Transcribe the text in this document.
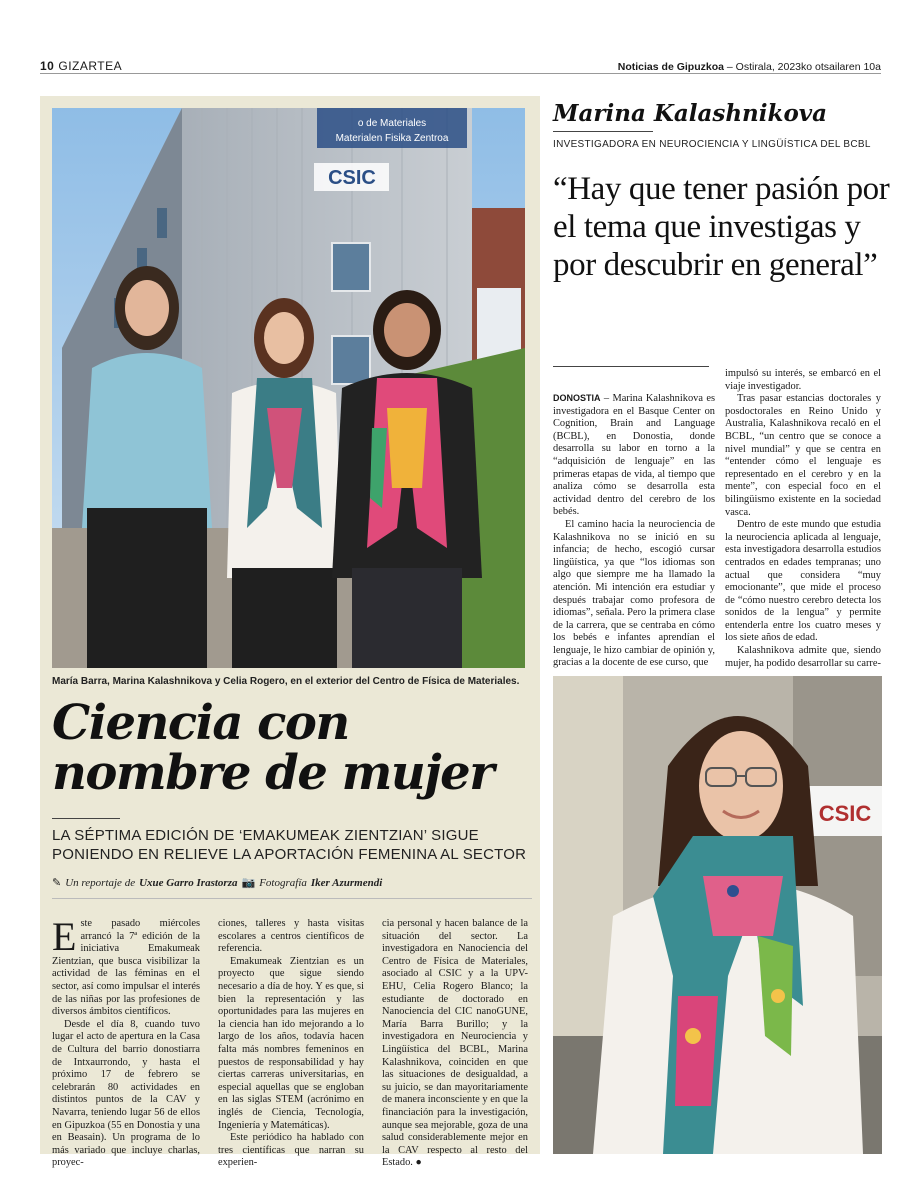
10 GIZARTEA	Noticias de Gipuzkoa – Ostirala, 2023ko otsailaren 10a
o de Materiales
Materialen Fisika Zentroa
CSIC
María Barra, Marina Kalashnikova y Celia Rogero, en el exterior del Centro de Física de Materiales.
Ciencia con nombre de mujer
LA SÉPTIMA EDICIÓN DE ‘EMAKUMEAK ZIENTZIAN’ SIGUE PONIENDO EN RELIEVE LA APORTACIÓN FEMENINA AL SECTOR
✎ Un reportaje de Uxue Garro Irastorza 📷 Fotografía Iker Azurmendi

Este pasado miércoles arrancó la 7ª edición de la iniciativa Emakumeak Zientzian, que busca visibilizar la actividad de las féminas en el sector, así como impulsar el interés de las niñas por las profesiones de diversos ámbitos científicos.

Desde el día 8, cuando tuvo lugar el acto de apertura en la Casa de Cultura del barrio donostiarra de Intxaurrondo, y hasta el próximo 17 de febrero se celebrarán 80 actividades en distintos puntos de la CAV y Navarra, teniendo lugar 56 de ellos en Gipuzkoa (55 en Donostia y una en Beasain). Un programa de lo más variado que incluye charlas, proyec-

ciones, talleres y hasta visitas escolares a centros científicos de referencia.

Emakumeak Zientzian es un proyecto que sigue siendo necesario a día de hoy. Y es que, si bien la representación y las oportunidades para las mujeres en la ciencia han ido mejorando a lo largo de los años, todavía hacen falta más nombres femeninos en puestos de responsabilidad y hay ciertas carreras universitarias, en especial aquellas que se engloban en las siglas STEM (acrónimo en inglés de Ciencia, Tecnología, Ingeniería y Matemáticas).

Este periódico ha hablado con tres científicas que narran su experien-

cia personal y hacen balance de la situación del sector. La investigadora en Nanociencia del Centro de Física de Materiales, asociado al CSIC y a la UPV-EHU, Celia Rogero Blanco; la estudiante de doctorado en Nanociencia del CIC nanoGUNE, María Barra Burillo; y la investigadora en Neurociencia y Lingüística del BCBL, Marina Kalashnikova, coinciden en que las situaciones de desigualdad, a su juicio, se dan mayoritariamente de manera inconsciente y en que la financiación para la investigación, aunque sea mejorable, goza de una salud considerablemente mejor en la CAV respecto al resto del Estado. ●

Marina Kalashnikova
INVESTIGADORA EN NEUROCIENCIA Y LINGÜÍSTICA DEL BCBL
“Hay que tener pasión por el tema que investigas y por descubrir en general”

DONOSTIA – Marina Kalashnikova es investigadora en el Basque Center on Cognition, Brain and Language (BCBL), en Donostia, donde desarrolla su labor en torno a la “adquisición de lenguaje” en las primeras etapas de vida, al tiempo que analiza cómo se desarrolla esta actividad dentro del cerebro de los bebés.

El camino hacia la neurociencia de Kalashnikova no se inició en su infancia; de hecho, escogió cursar lingüística, ya que “los idiomas son algo que siempre me ha llamado la atención. Mi intención era estudiar y después trabajar como profesora de idiomas”, señala. Pero la primera clase de la carrera, que se centraba en cómo los bebés e infantes aprendían el lenguaje, le hizo cambiar de opinión y, gracias a la docente de ese curso, que

impulsó su interés, se embarcó en el viaje investigador.

Tras pasar estancias doctorales y posdoctorales en Reino Unido y Australia, Kalashnikova recaló en el BCBL, “un centro que se conoce a nivel mundial” y que se centra en “entender cómo el lenguaje es representado en el cerebro y en la mente”, con especial foco en el bilingüismo existente en la sociedad vasca.

Dentro de este mundo que estudia la neurociencia aplicada al lenguaje, esta investigadora desarrolla estudios centrados en edades tempranas; uno actual que considera “muy emocionante”, que mide el proceso de “cómo nuestro cerebro detecta los sonidos de la lengua” y permite entenderla entre los cuatro meses y los siete años de edad.

Kalashnikova admite que, siendo mujer, ha podido desarrollar su carre-

CSIC
